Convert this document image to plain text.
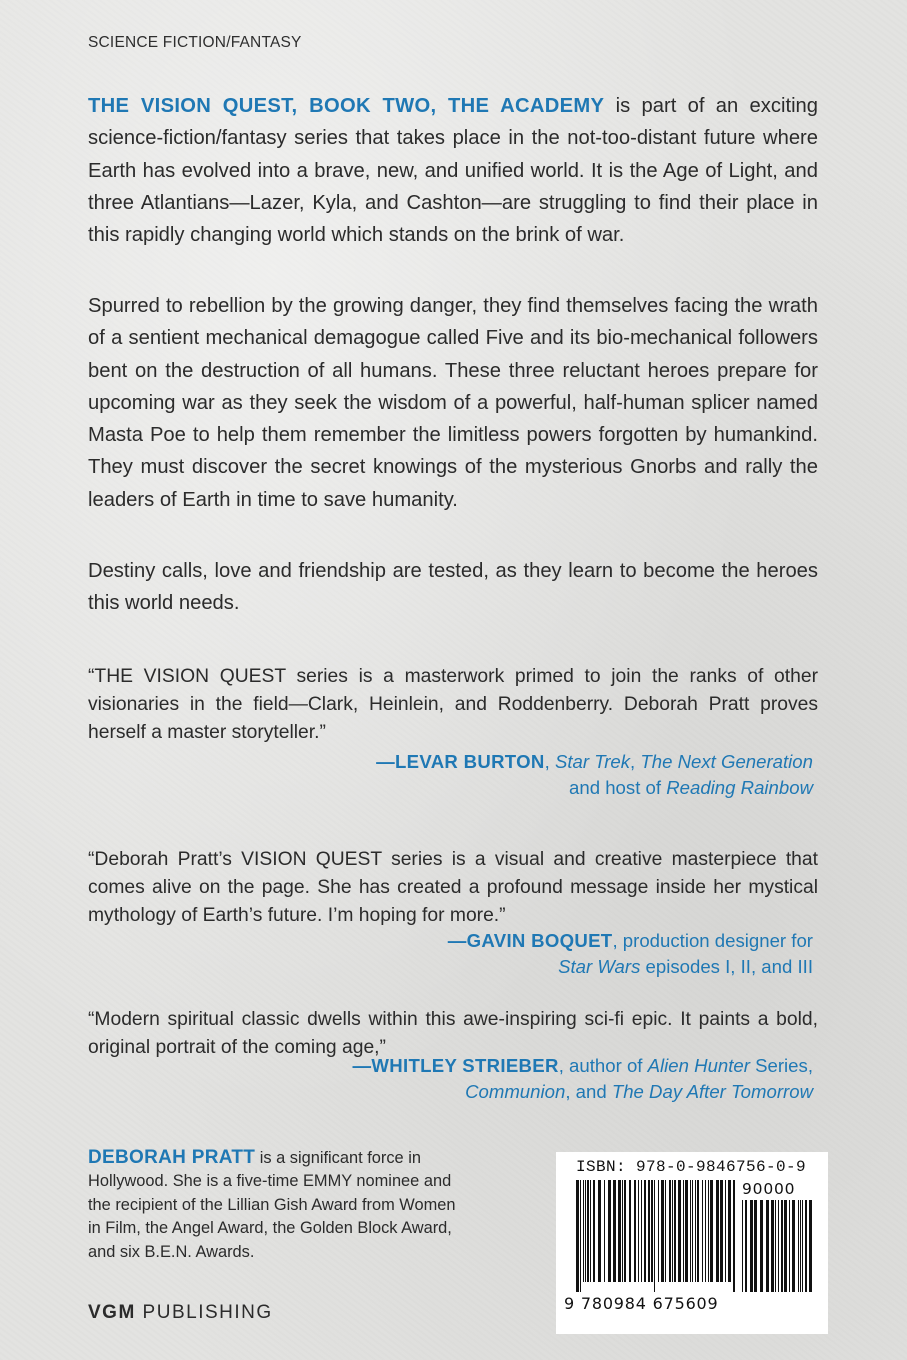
SCIENCE FICTION/FANTASY

THE VISION QUEST, BOOK TWO, THE ACADEMY is part of an exciting science-fiction/fantasy series that takes place in the not-too-distant future where Earth has evolved into a brave, new, and unified world. It is the Age of Light, and three Atlantians—Lazer, Kyla, and Cashton—are struggling to find their place in this rapidly changing world which stands on the brink of war.

Spurred to rebellion by the growing danger, they find themselves facing the wrath of a sentient mechanical demagogue called Five and its bio-mechanical followers bent on the destruction of all humans. These three reluctant heroes prepare for upcoming war as they seek the wisdom of a powerful, half-human splicer named Masta Poe to help them remember the limitless powers forgotten by humankind. They must discover the secret knowings of the mysterious Gnorbs and rally the leaders of Earth in time to save humanity.

Destiny calls, love and friendship are tested, as they learn to become the heroes this world needs.

“THE VISION QUEST series is a masterwork primed to join the ranks of other visionaries in the field—Clark, Heinlein, and Roddenberry. Deborah Pratt proves herself a master storyteller.”

—LEVAR BURTON, Star Trek, The Next Generation
and host of Reading Rainbow

“Deborah Pratt’s VISION QUEST series is a visual and creative masterpiece that comes alive on the page. She has created a profound message inside her mystical mythology of Earth’s future. I’m hoping for more.”

—GAVIN BOQUET, production designer for
Star Wars episodes I, II, and III

“Modern spiritual classic dwells within this awe-inspiring sci-fi epic. It paints a bold, original portrait of the coming age,”

—WHITLEY STRIEBER, author of Alien Hunter Series,
Communion, and The Day After Tomorrow

DEBORAH PRATT is a significant force in Hollywood. She is a five-time EMMY nominee and the recipient of the Lillian Gish Award from Women in Film, the Angel Award, the Golden Block Award, and six B.E.N. Awards.

VGM PUBLISHING
ISBN: 978-0-9846756-0-9
90000
9 780984 675609
